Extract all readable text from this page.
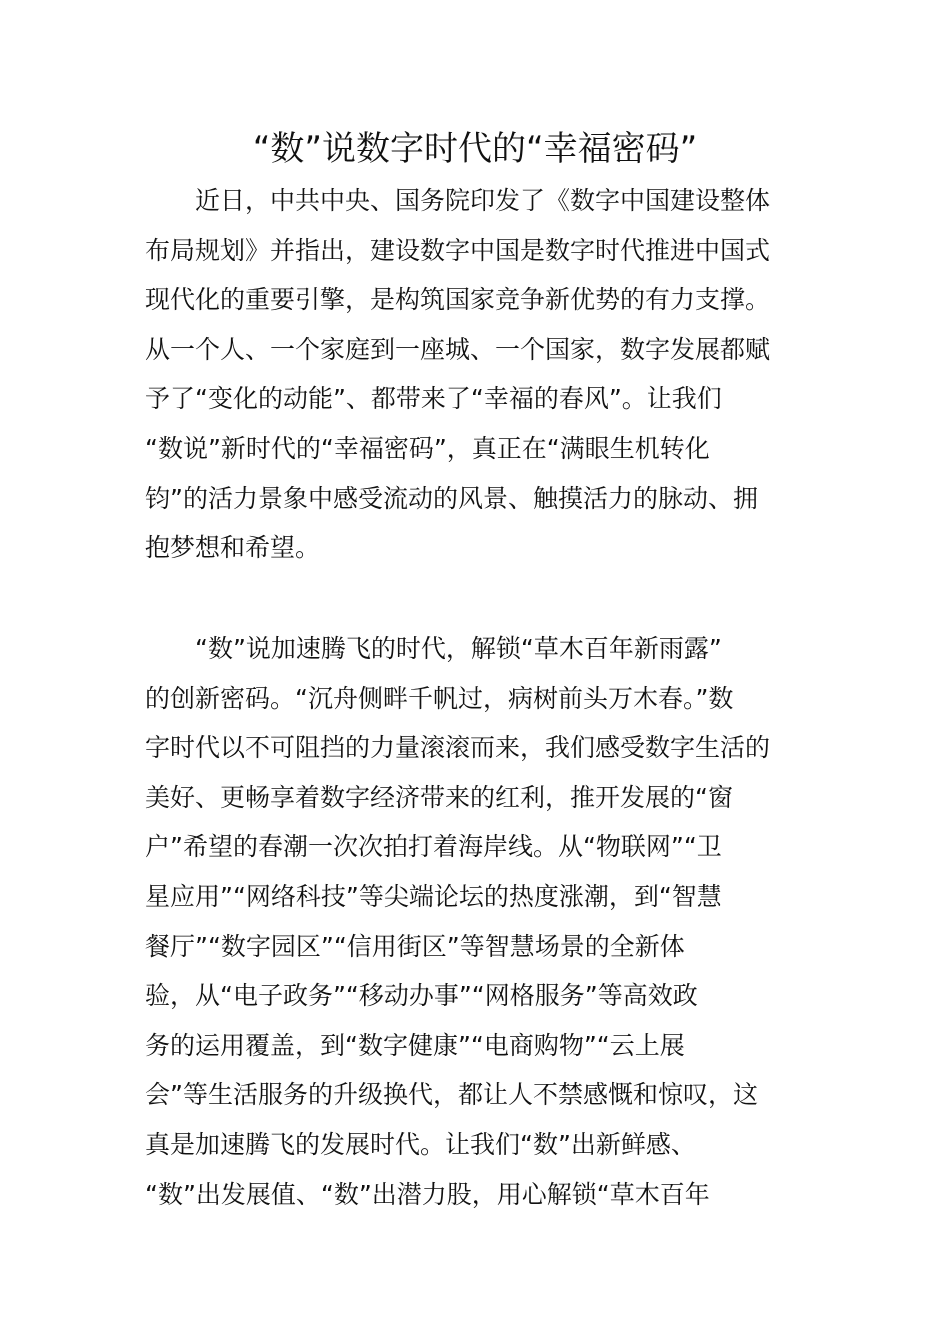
“数”说数字时代的“幸福密码”
近日，中共中央、国务院印发了《数字中国建设整体
布局规划》并指出，建设数字中国是数字时代推进中国式
现代化的重要引擎，是构筑国家竞争新优势的有力支撑。
从一个人、一个家庭到一座城、一个国家，数字发展都赋
予了“变化的动能”、都带来了“幸福的春风”。让我们
“数说”新时代的“幸福密码”，真正在“满眼生机转化
钧”的活力景象中感受流动的风景、触摸活力的脉动、拥
抱梦想和希望。
“数”说加速腾飞的时代，解锁“草木百年新雨露”
的创新密码。“沉舟侧畔千帆过，病树前头万木春。”数
字时代以不可阻挡的力量滚滚而来，我们感受数字生活的
美好、更畅享着数字经济带来的红利，推开发展的“窗
户”希望的春潮一次次拍打着海岸线。从“物联网”“卫
星应用”“网络科技”等尖端论坛的热度涨潮，到“智慧
餐厅”“数字园区”“信用街区”等智慧场景的全新体
验，从“电子政务”“移动办事”“网格服务”等高效政
务的运用覆盖，到“数字健康”“电商购物”“云上展
会”等生活服务的升级换代，都让人不禁感慨和惊叹，这
真是加速腾飞的发展时代。让我们“数”出新鲜感、
“数”出发展值、“数”出潜力股，用心解锁“草木百年
